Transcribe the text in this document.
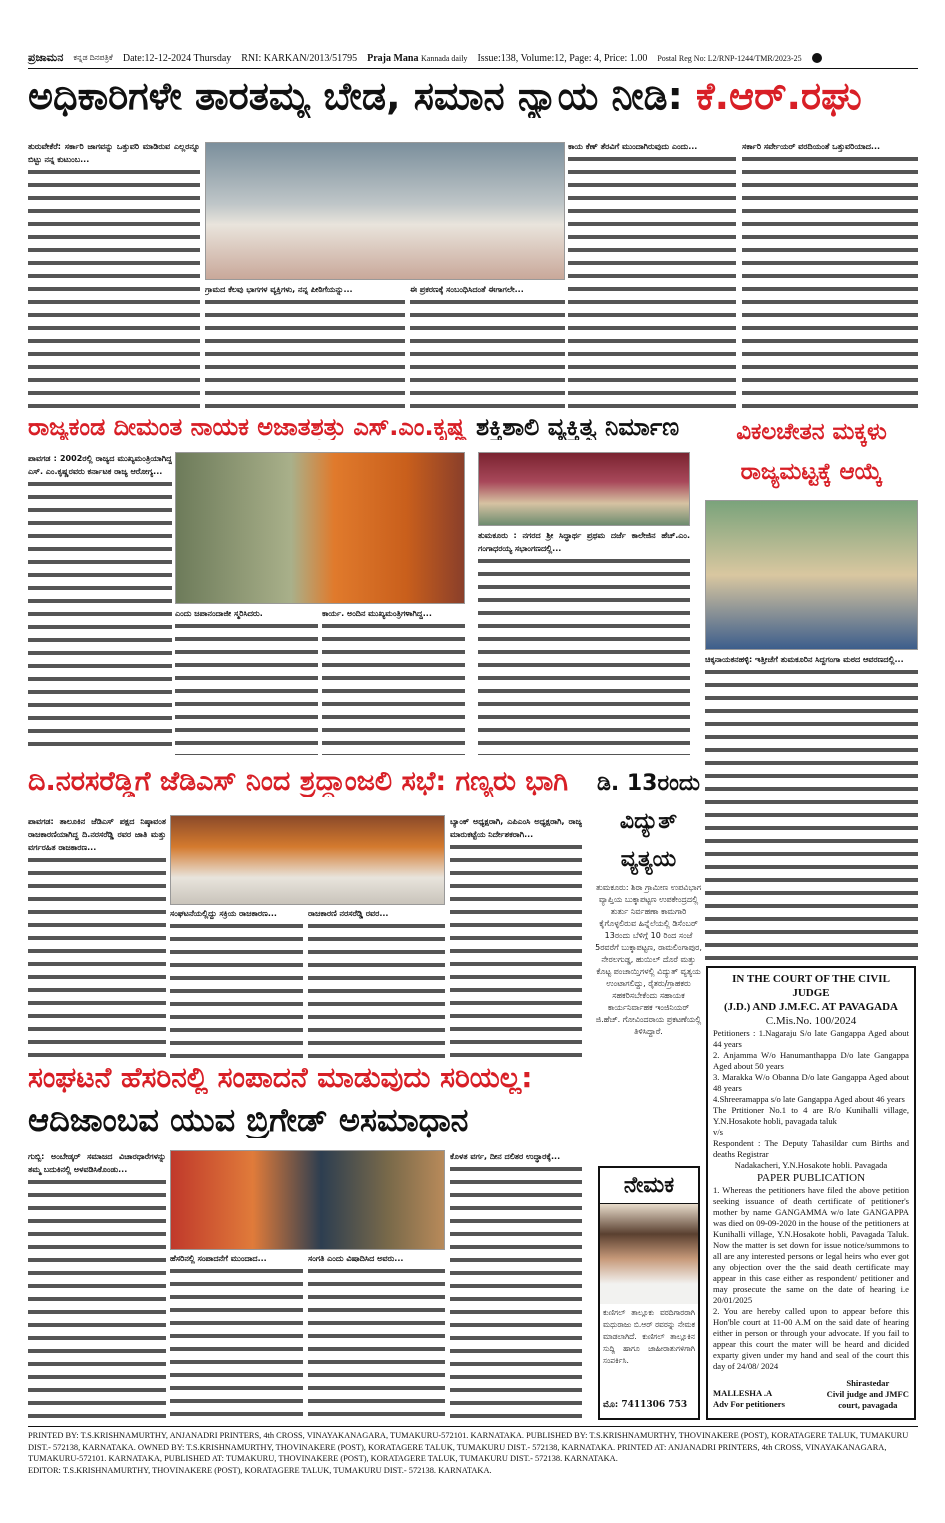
ಪ್ರಜಾಮನ ಕನ್ನಡ ದಿನಪತ್ರಿಕೆ Date:12-12-2024 Thursday RNI: KARKAN/2013/51795 Praja Mana Kannada daily Issue:138, Volume:12, Page: 4, Price: 1.00 Postal Reg No: L2/RNP-1244/TMR/2023-25
ಅಧಿಕಾರಿಗಳೇ ತಾರತಮ್ಯ ಬೇಡ, ಸಮಾನ ನ್ಯಾಯ ನೀಡಿ: ಕೆ.ಆರ್.ರಘು
ತುರುವೇಕೆರೆ: ಸರ್ಕಾರಿ ಜಾಗವನ್ನು ಒತ್ತುವರಿ ಮಾಡಿರುವ ಎಲ್ಲರನ್ನೂ ಬಿಟ್ಟು ನನ್ನ ಕುಟುಂಬ...
ಗ್ರಾಮದ ಕೆಲವು ಭಾಗಗಳ ವ್ಯಕ್ತಿಗಳು, ನನ್ನ ಪೀಠಿಗೆಯನ್ನು...	ಈ ಪ್ರಕರಣಕ್ಕೆ ಸಂಬಂಧಿಸಿದಂತೆ ಈಗಾಗಲೇ...
ಕಾಯ ಕೆಣ್ ತೆರವಿಗೆ ಮುಂದಾಗಿರುವುದು ಎಂದು...	ಸರ್ಕಾರಿ ಸರ್ವೇಯರ್ ವರದಿಯಂತೆ ಒತ್ತುವರಿಯಾದ...
ರಾಜ್ಯಕಂಡ ದೀಮಂತ ನಾಯಕ ಅಜಾತಶತ್ರು ಎಸ್.ಎಂ.ಕೃಷ್ಣ
ಪಾವಗಡ : 2002ರಲ್ಲಿ ರಾಜ್ಯದ ಮುಖ್ಯಮಂತ್ರಿಯಾಗಿದ್ದ ಎಸ್. ಎಂ.ಕೃಷ್ಣರವರು ಕರ್ನಾಟಕ ರಾಜ್ಯ ಆರೋಗ್ಯ...
ಎಂದು ಜಪಾನಂದಾಜೀ ಸ್ಮರಿಸಿದರು.	ಕಾರ್ಯ. ಅಂದಿನ ಮುಖ್ಯಮಂತ್ರಿಗಳಾಗಿದ್ದ...
ಶಕ್ತಿಶಾಲಿ ವ್ಯಕ್ತಿತ್ವ ನಿರ್ಮಾಣ
ತುಮಕೂರು : ನಗರದ ಶ್ರೀ ಸಿದ್ಧಾರ್ಥ ಪ್ರಥಮ ದರ್ಜೆ ಕಾಲೇಜಿನ ಹೆಚ್.ಎಂ. ಗಂಗಾಧರಯ್ಯ ಸಭಾಂಗಣದಲ್ಲಿ...
ವಿಕಲಚೇತನ ಮಕ್ಕಳು
ರಾಜ್ಯಮಟ್ಟಕ್ಕೆ ಆಯ್ಕೆ
ಚಿಕ್ಕನಾಯಕನಹಳ್ಳಿ: ಇತ್ತೀಚೆಗೆ ತುಮಕೂರಿನ ಸಿದ್ದಗಂಗಾ ಮಠದ ಆವರಣದಲ್ಲಿ...
ದಿ.ನರಸರೆಡ್ಡಿಗೆ ಜೆಡಿಎಸ್ ನಿಂದ ಶ್ರದ್ಧಾಂಜಲಿ ಸಭೆ: ಗಣ್ಯರು ಭಾಗಿ
ಪಾವಗಡ: ತಾಲೂಕಿನ ಜೆಡಿಎಸ್ ಪಕ್ಷದ ನಿಷ್ಠಾವಂತ ರಾಜಕಾರಣಿಯಾಗಿದ್ದ ದಿ.ನರಸರೆಡ್ಡಿ ರವರ ಜಾತಿ ಮತ್ತು ವರ್ಗರಹಿತ ರಾಜಕಾರಣ...
ಸಂಘಟನೆಯಲ್ಲಿದ್ದು ಸಕ್ರಿಯ ರಾಜಕಾರಣ...	ರಾಜಕಾರಣಿ ನರಸರೆಡ್ಡಿ ರವರ...
ಬ್ಯಾಂಕ್ ಅಧ್ಯಕ್ಷರಾಗಿ, ಎಪಿಎಂಸಿ ಅಧ್ಯಕ್ಷರಾಗಿ, ರಾಜ್ಯ ಮಾರುಕಟ್ಟೆಯ ನಿರ್ದೇಶಕರಾಗಿ...
ಡಿ. 13ರಂದು
ವಿದ್ಯುತ್
ವ್ಯತ್ಯಯ
ತುಮಕೂರು: ಶಿರಾ ಗ್ರಾಮೀಣ ಉಪವಿಭಾಗ ವ್ಯಾಪ್ತಿಯ ಬುಕ್ಕಾಪಟ್ಟಣ ಉಪಕೇಂದ್ರದಲ್ಲಿ ತುರ್ತು ನಿರ್ವಹಣಾ ಕಾಮಗಾರಿ ಕೈಗೊಳ್ಳಲಿರುವ ಹಿನ್ನೆಲೆಯಲ್ಲಿ ಡಿಸೆಂಬರ್ 13ರಂದು ಬೆಳಿಗ್ಗೆ 10 ರಿಂದ ಸಂಜೆ 5ರವರೆಗೆ ಬುಕ್ಕಾಪಟ್ಟಣ, ರಾಮಲಿಂಗಾಪುರ, ನೇರಲಗುಡ್ಡ, ಹುಯಿಲ್ ದೊರೆ ಮತ್ತು ಕೊಟ್ಟ ಪಂಚಾಯ್ತಿಗಳಲ್ಲಿ ವಿದ್ಯುತ್ ವ್ಯತ್ಯಯ ಉಂಟಾಗಲಿದ್ದು, ರೈತರು/ಗ್ರಾಹಕರು ಸಹಕರಿಸಬೇಕೆಂದು ಸಹಾಯಕ ಕಾರ್ಯನಿರ್ವಾಹಕ ಇಂಜಿನಿಯರ್ ಜಿ.ಹೆಚ್. ಗೋವಿಂದರಾಯ ಪ್ರಕಟಣೆಯಲ್ಲಿ ತಿಳಿಸಿದ್ದಾರೆ.
IN THE COURT OF THE CIVIL JUDGE
(J.D.) AND J.M.F.C. AT PAVAGADA
C.Mis.No. 100/2024

Petitioners : 1.Nagaraju S/o late Gangappa Aged about 44 years

2. Anjamma W/o Hanumanthappa D/o late Gangappa Aged about 50 years

3. Marakka W/o Obanna D/o late Gangappa Aged about 48 years

4.Shreeramappa s/o late Gangappa Aged about 46 years

The Prtitioner No.1 to 4 are R/o Kunihalli village, Y.N.Hosakote hobli, pavagada taluk

v/s

Respondent : The Deputy Tahasildar cum Births and deaths Registrar

Nadakacheri, Y.N.Hosakote hobli. Pavagada

PAPER PUBLICATION

1. Whereas the petitioners have filed the above petition seeking issuance of death certificate of petitioner's mother by name GANGAMMA w/o late GANGAPPA was died on 09-09-2020 in the house of the petitioners at Kunihalli village, Y.N.Hosakote hobli, Pavagada Taluk. Now the matter is set down for issue notice/summons to all are any interested persons or legal heirs who ever got any objection over the the said death certificate may appear in this case either as respondent/ petitioner and may prosecute the same on the date of hearing i.e 20/01/2025

2. You are hereby called upon to appear before this Hon'ble court at 11-00 A.M on the said date of hearing either in person or through your advocate. If you fail to appear this court the mater will be heard and dicided exparty given under my hand and seal of the court this day of 24/08/ 2024

MALLESHA .A
Adv For petitioners
Shirastedar
Civil judge and JMFC
court, pavagada
ಸಂಘಟನೆ ಹೆಸರಿನಲ್ಲಿ ಸಂಪಾದನೆ ಮಾಡುವುದು ಸರಿಯಲ್ಲ:
ಆದಿಜಾಂಬವ ಯುವ ಬ್ರಿಗೇಡ್ ಅಸಮಾಧಾನ
ಗುಬ್ಬಿ: ಅಂಬೇಡ್ಕರ್ ಸಮಾಜದ ವಿಚಾರಧಾರೆಗಳನ್ನು ತಮ್ಮ ಬದುಕಿನಲ್ಲಿ ಅಳವಡಿಸಿಕೊಂಡು...
ಹೆಸರಿನಲ್ಲಿ ಸಂಪಾದನೆಗೆ ಮುಂದಾದ...	ಸಂಗತಿ ಎಂದು ವಿಷಾದಿಸಿದ ಅವರು...
ಕೊಳತ ವರ್ಗ, ದೀನ ದಲಿತರ ಉದ್ಧಾರಕ್ಕೆ...
ನೇಮಕ
ಕುಣಿಗಲ್ ತಾಲ್ಲೂಕು ವರದಿಗಾರರಾಗಿ ಮಧುರಾಜು ಬಿ.ಆರ್ ರವರನ್ನು ನೇಮಕ ಮಾಡಲಾಗಿದೆ. ಕುಣಿಗಲ್ ತಾಲ್ಲೂಕಿನ ಸುದ್ದಿ ಹಾಗೂ ಜಾಹೀರಾತುಗಳಿಗಾಗಿ ಸಂಪರ್ಕಿಸಿ.
ಮೊ: 7411306 753
PRINTED BY: T.S.KRISHNAMURTHY, ANJANADRI PRINTERS, 4th CROSS, VINAYAKANAGARA, TUMAKURU-572101. KARNATAKA. PUBLISHED BY: T.S.KRISHNAMURTHY, THOVINAKERE (POST), KORATAGERE TALUK, TUMAKURU DIST.- 572138, KARNATAKA. OWNED BY: T.S.KRISHNAMURTHY, THOVINAKERE (POST), KORATAGERE TALUK, TUMAKURU DIST.- 572138, KARNATAKA. PRINTED AT: ANJANADRI PRINTERS, 4th CROSS, VINAYAKANAGARA, TUMAKURU-572101. KARNATAKA, PUBLISHED AT: TUMAKURU, THOVINAKERE (POST), KORATAGERE TALUK, TUMAKURU DIST.- 572138. KARNATAKA.
EDITOR: T.S.KRISHNAMURTHY, THOVINAKERE (POST), KORATAGERE TALUK, TUMAKURU DIST.- 572138. KARNATAKA.
